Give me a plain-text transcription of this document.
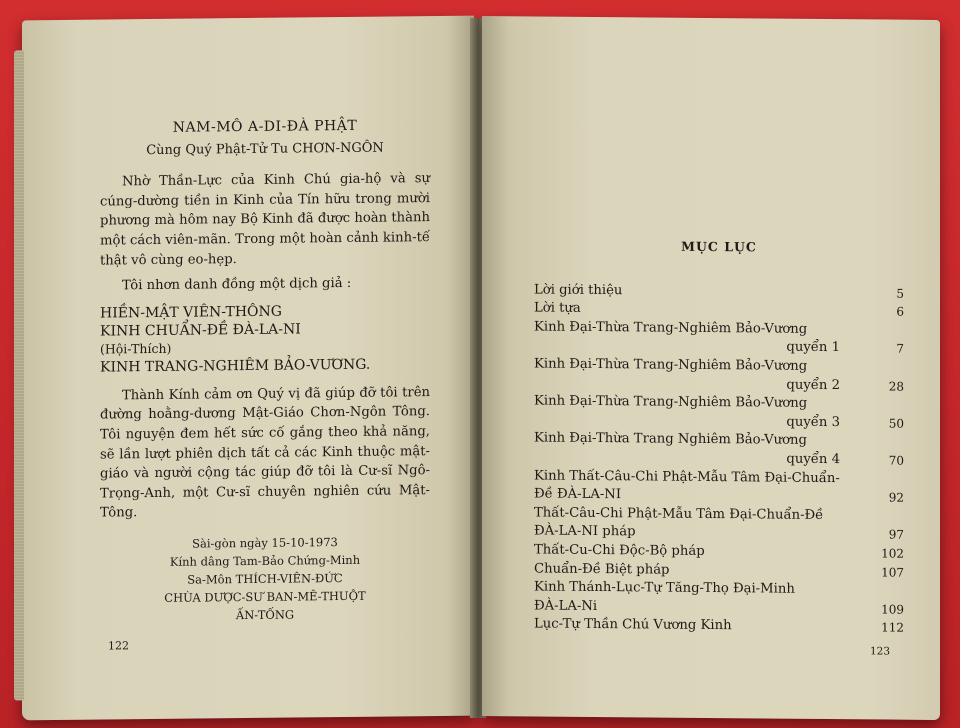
NAM-MÔ A-DI-ĐÀ PHẬT
Cùng Quý Phật-Tử Tu CHƠN-NGÔN

Nhờ Thần-Lực của Kinh Chú gia-hộ và sự cúng-dường tiền in Kinh của Tín hữu trong mười phương mà hôm nay Bộ Kinh đã được hoàn thành một cách viên-mãn. Trong một hoàn cảnh kinh-tế thật vô cùng eo-hẹp.

Tôi nhơn danh đồng một dịch giả :

HIỀN-MẬT VIÊN-THÔNG
KINH CHUẨN-ĐỀ ĐÀ-LA-NI
(Hội-Thích)
KINH TRANG-NGHIÊM BẢO-VƯƠNG.

Thành Kính cảm ơn Quý vị đã giúp đỡ tôi trên đường hoằng-dương Mật-Giáo Chơn-Ngôn Tông. Tôi nguyện đem hết sức cố gắng theo khả năng, sẽ lần lượt phiên dịch tất cả các Kinh thuộc mật-giáo và người cộng tác giúp đỡ tôi là Cư-sĩ Ngô-Trọng-Anh, một Cư-sĩ chuyên nghiên cứu Mật-Tông.

Sài-gòn ngày 15-10-1973
Kính dâng Tam-Bảo Chứng-Minh
Sa-Môn THÍCH-VIÊN-ĐỨC
CHÙA DƯỢC-SƯ BAN-MÊ-THUỘT
ẤN-TỐNG
122
MỤC LỤC
Lời giới thiệu	5
Lời tựa	6
Kinh Đại-Thừa Trang-Nghiêm Bảo-Vương
quyển 1	7
Kinh Đại-Thừa Trang-Nghiêm Bảo-Vương
quyển 2	28
Kinh Đại-Thừa Trang-Nghiêm Bảo-Vương
quyển 3	50
Kinh Đại-Thừa Trang Nghiêm Bảo-Vương
quyển 4	70
Kinh Thất-Câu-Chi Phật-Mẫu Tâm Đại-Chuẩn-
Đề ĐÀ-LA-NI	92
Thất-Câu-Chi Phật-Mẫu Tâm Đại-Chuẩn-Đề
ĐÀ-LA-NI pháp	97
Thất-Cu-Chi Độc-Bộ pháp	102
Chuẩn-Đề Biệt pháp	107
Kinh Thánh-Lục-Tự Tăng-Thọ Đại-Minh
ĐÀ-LA-Ni	109
Lục-Tự Thần Chú Vương Kinh	112
123
